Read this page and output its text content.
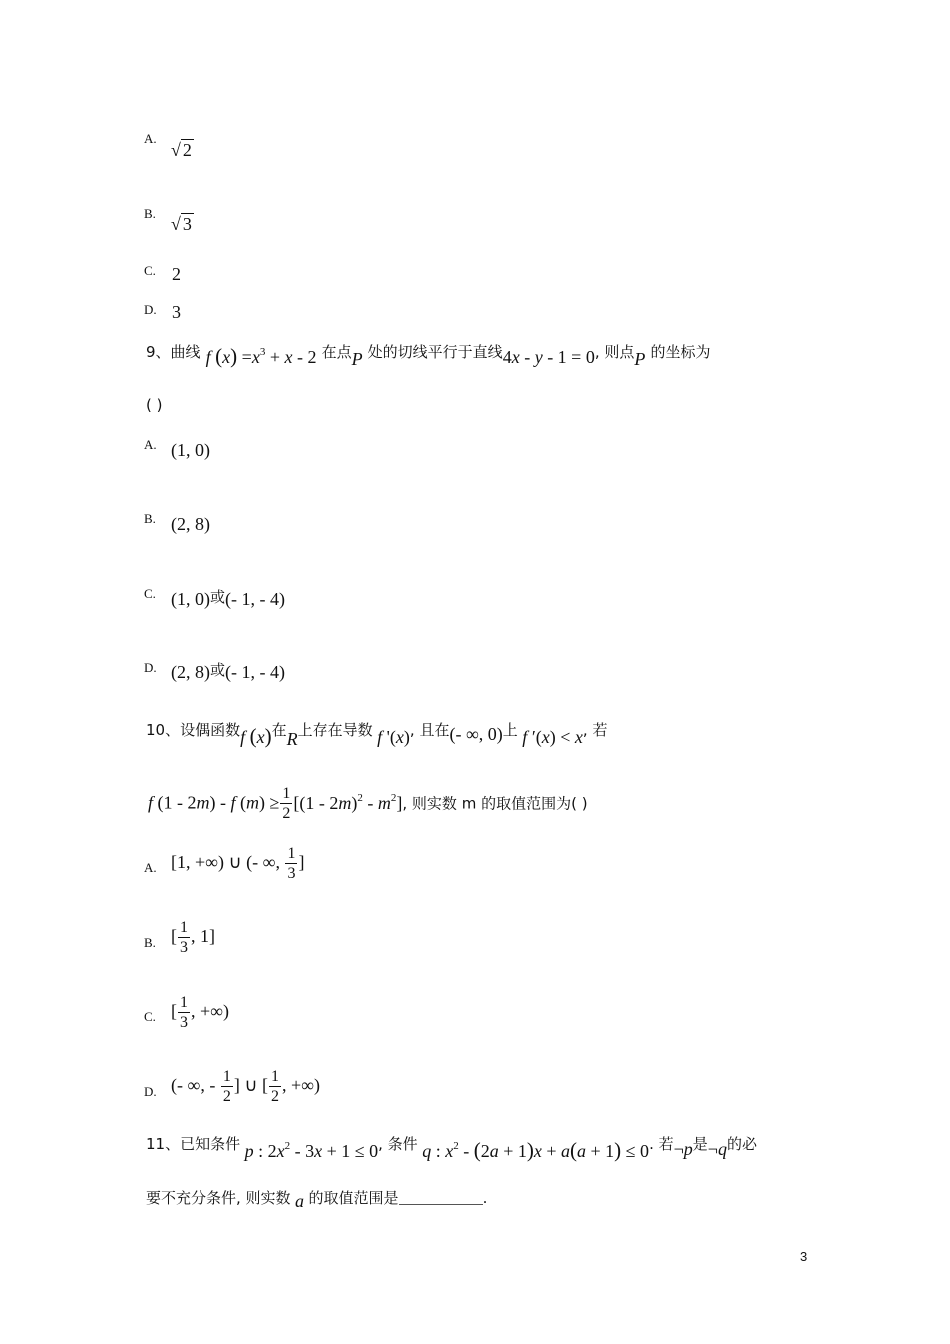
A.
√ 2
B.
√ 3
C. 2
D. 3
9、曲线 f $(x) =x^3 + x - 2$ 在点P 处的切线平行于直线4x - y - 1 = 0, 则点P 的坐标为
( )
A. (1, 0)
B. (2, 8)
C. (1, 0)或(- 1, - 4)
D. (2, 8)或(- 1, - 4)
10、设偶函数f (x)在R上存在导数 f '(x), 且在(- ∞, 0)上 f ′(x) < x, 若
f (1 - 2m) - f $(m) \ge \frac{1}{2} [(1 - 2m)^2 - m^2]$, 则实数 m 的取值范围为( )
A. [1, +∞) ∪ (- ∞, $\frac{1}{3}$ ]
B. [ $\frac{1}{3}$ , 1]
C. [ $\frac{1}{3}$ , +∞)
D. (- ∞, - $\frac{1}{2}$ ] ∪ [ $\frac{1}{2}$ , +∞)
11、已知条件 p : $2x^2 - 3x + 1 \le 0$, 条件 q : $x^2 - (2a + 1)x + a(a + 1) \le 0$. 若¬p是¬q的必
要不充分条件, 则实数 a 的取值范围是	.
3
